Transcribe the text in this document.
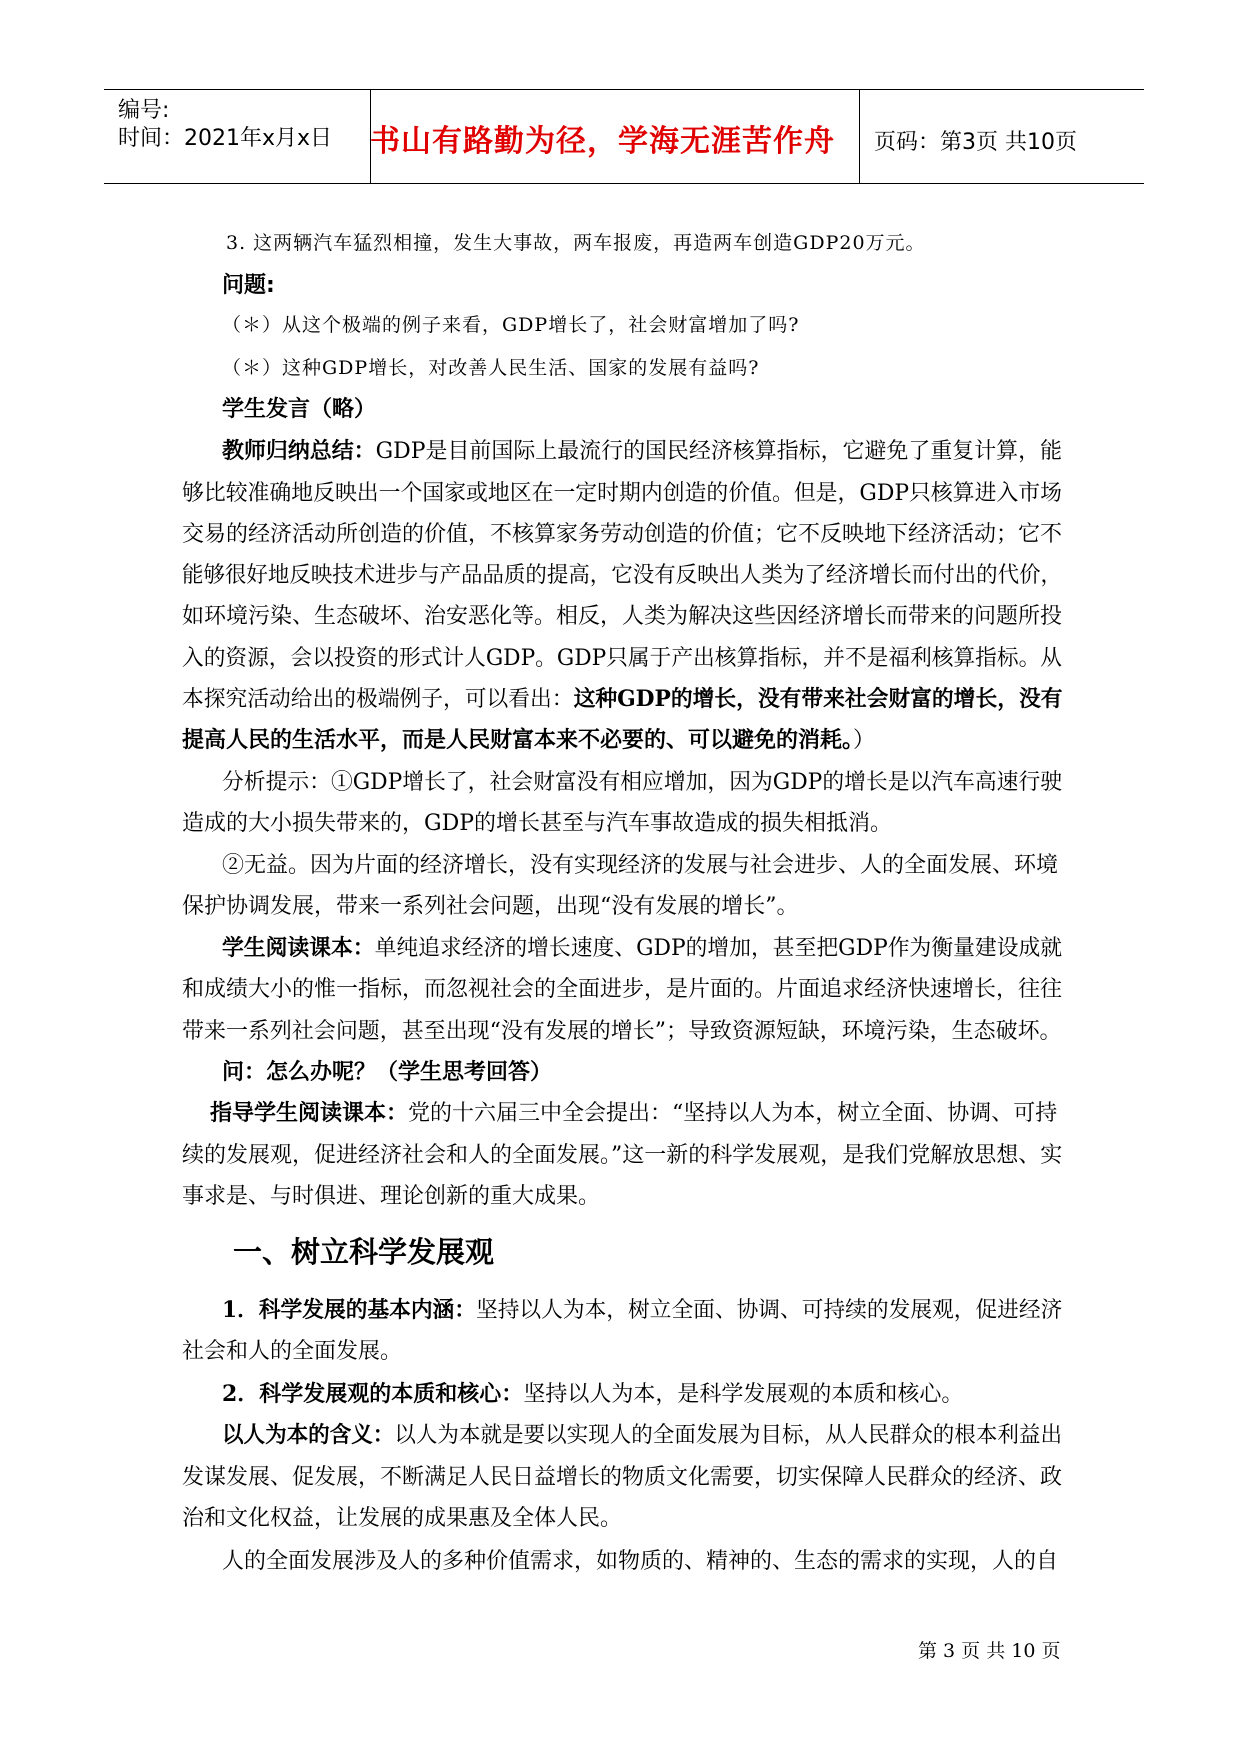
编号:
时间：2021年x月x日 书山有路勤为径，学海无涯苦作舟	页码：第3页 共10页
3. 这两辆汽车猛烈相撞，发生大事故，两车报废，再造两车创造GDP20万元。
问题:
（＊）从这个极端的例子来看，GDP增长了，社会财富增加了吗?
（＊）这种GDP增长，对改善人民生活、国家的发展有益吗?
学生发言（略）
教师归纳总结：GDP是目前国际上最流行的国民经济核算指标，它避免了重复计算，能
够比较准确地反映出一个国家或地区在一定时期内创造的价值。但是，GDP只核算进入市场
交易的经济活动所创造的价值，不核算家务劳动创造的价值；它不反映地下经济活动；它不
能够很好地反映技术进步与产品品质的提高，它没有反映出人类为了经济增长而付出的代价，
如环境污染、生态破坏、治安恶化等。相反，人类为解决这些因经济增长而带来的问题所投
入的资源，会以投资的形式计人GDP。GDP只属于产出核算指标，并不是福利核算指标。从
本探究活动给出的极端例子，可以看出：这种GDP的增长，没有带来社会财富的增长，没有
提高人民的生活水平，而是人民财富本来不必要的、可以避免的消耗。）
分析提示：①GDP增长了，社会财富没有相应增加，因为GDP的增长是以汽车高速行驶
造成的大小损失带来的，GDP的增长甚至与汽车事故造成的损失相抵消。
②无益。因为片面的经济增长，没有实现经济的发展与社会进步、人的全面发展、环境
保护协调发展，带来一系列社会问题，出现“没有发展的增长”。
学生阅读课本：单纯追求经济的增长速度、GDP的增加，甚至把GDP作为衡量建设成就
和成绩大小的惟一指标，而忽视社会的全面进步，是片面的。片面追求经济快速增长，往往
带来一系列社会问题，甚至出现“没有发展的增长”；导致资源短缺，环境污染，生态破坏。
问：怎么办呢？（学生思考回答）
指导学生阅读课本：党的十六届三中全会提出：“坚持以人为本，树立全面、协调、可持
续的发展观，促进经济社会和人的全面发展。”这一新的科学发展观，是我们党解放思想、实
事求是、与时俱进、理论创新的重大成果。
一、树立科学发展观
1．科学发展的基本内涵：坚持以人为本，树立全面、协调、可持续的发展观，促进经济
社会和人的全面发展。
2．科学发展观的本质和核心：坚持以人为本，是科学发展观的本质和核心。
以人为本的含义：以人为本就是要以实现人的全面发展为目标，从人民群众的根本利益出
发谋发展、促发展，不断满足人民日益增长的物质文化需要，切实保障人民群众的经济、政
治和文化权益，让发展的成果惠及全体人民。
人的全面发展涉及人的多种价值需求，如物质的、精神的、生态的需求的实现，人的自
第 3 页 共 10 页
